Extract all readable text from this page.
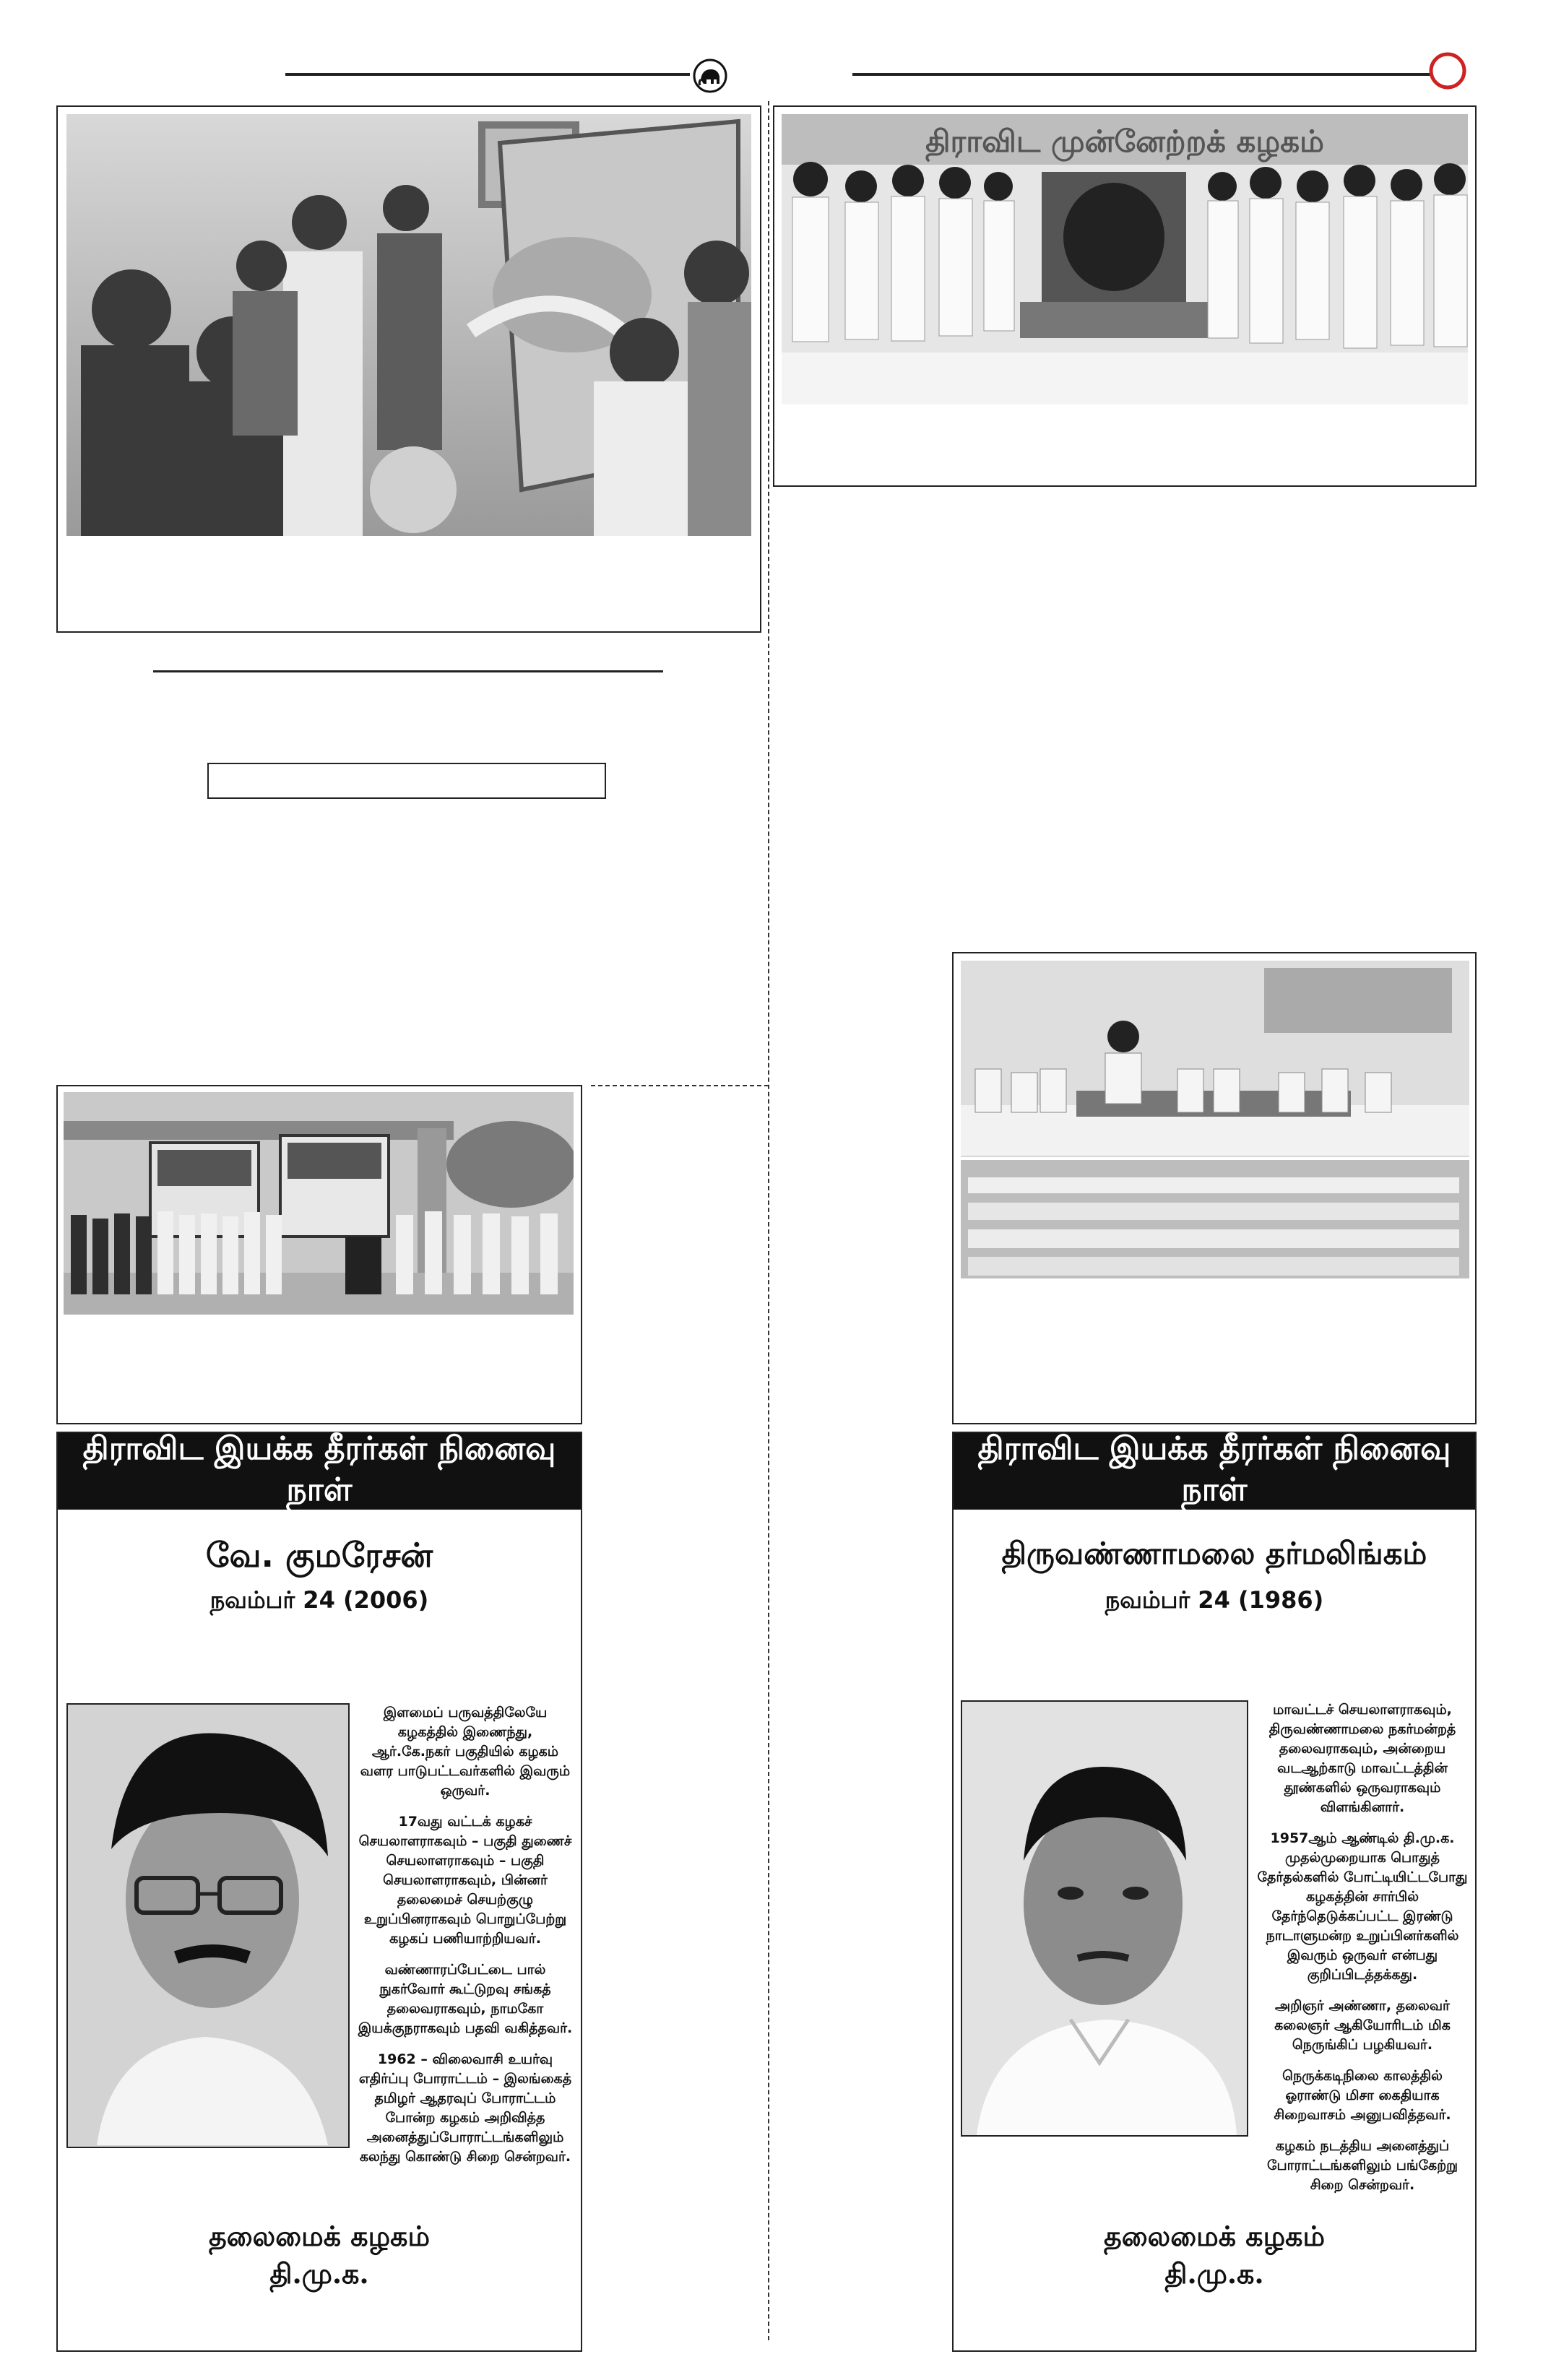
திராவிட முன்னேற்றக் கழகம்
திராவிட இயக்க தீரர்கள் நினைவு நாள்
வே. குமரேசன்
நவம்பர் 24 (2006)

இளமைப் பருவத்திலேயே கழகத்தில் இணைந்து, ஆர்.கே.நகர் பகுதியில் கழகம் வளர பாடுபட்டவர்களில் இவரும் ஒருவர்.

17வது வட்டக் கழகச் செயலாளராகவும் – பகுதி துணைச் செயலாளராகவும் – பகுதி செயலாளராகவும், பின்னர் தலைமைச் செயற்குழு உறுப்பினராகவும் பொறுப்பேற்று கழகப் பணியாற்றியவர்.

வண்ணாரப்பேட்டை பால் நுகர்வோர் கூட்டுறவு சங்கத் தலைவராகவும், நாமகோ இயக்குநராகவும் பதவி வகித்தவர்.

1962 – விலைவாசி உயர்வு எதிர்ப்பு போராட்டம் – இலங்கைத் தமிழர் ஆதரவுப் போராட்டம் போன்ற கழகம் அறிவித்த அனைத்துப்போராட்டங்களிலும் கலந்து கொண்டு சிறை சென்றவர்.

தலைமைக் கழகம்
தி.மு.க.
திராவிட இயக்க தீரர்கள் நினைவு நாள்
திருவண்ணாமலை தர்மலிங்கம்
நவம்பர் 24 (1986)

மாவட்டச் செயலாளராகவும், திருவண்ணாமலை நகர்மன்றத் தலைவராகவும், அன்றைய வடஆற்காடு மாவட்டத்தின் தூண்களில் ஒருவராகவும் விளங்கினார்.

1957ஆம் ஆண்டில் தி.மு.க. முதல்முறையாக பொதுத் தேர்தல்களில் போட்டியிட்டபோது கழகத்தின் சார்பில் தேர்ந்தெடுக்கப்பட்ட இரண்டு நாடாளுமன்ற உறுப்பினர்களில் இவரும் ஒருவர் என்பது குறிப்பிடத்தக்கது.

அறிஞர் அண்ணா, தலைவர் கலைஞர் ஆகியோரிடம் மிக நெருங்கிப் பழகியவர்.

நெருக்கடிநிலை காலத்தில் ஓராண்டு மிசா கைதியாக சிறைவாசம் அனுபவித்தவர்.

கழகம் நடத்திய அனைத்துப் போராட்டங்களிலும் பங்கேற்று சிறை சென்றவர்.

தலைமைக் கழகம்
தி.மு.க.
